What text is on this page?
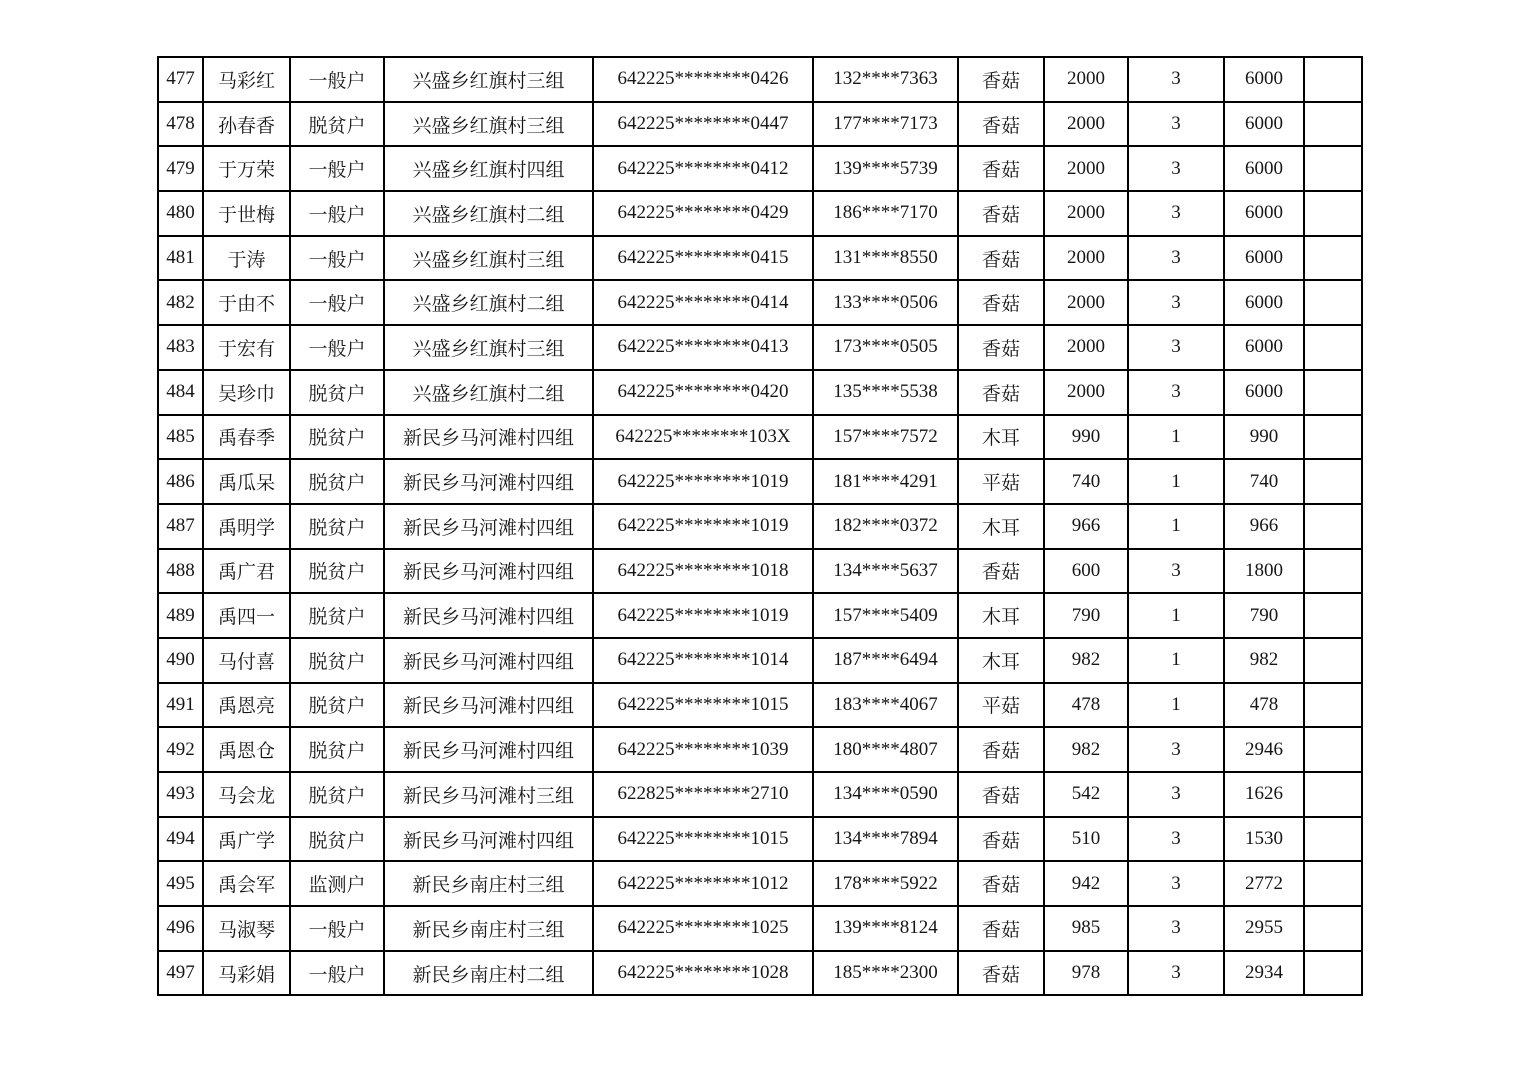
477	马彩红	一般户	兴盛乡红旗村三组	642225********0426	132****7363	香菇	2000	3	6000	
478	孙春香	脱贫户	兴盛乡红旗村三组	642225********0447	177****7173	香菇	2000	3	6000	
479	于万荣	一般户	兴盛乡红旗村四组	642225********0412	139****5739	香菇	2000	3	6000	
480	于世梅	一般户	兴盛乡红旗村二组	642225********0429	186****7170	香菇	2000	3	6000	
481	于涛	一般户	兴盛乡红旗村三组	642225********0415	131****8550	香菇	2000	3	6000	
482	于由不	一般户	兴盛乡红旗村二组	642225********0414	133****0506	香菇	2000	3	6000	
483	于宏有	一般户	兴盛乡红旗村三组	642225********0413	173****0505	香菇	2000	3	6000	
484	吴珍巾	脱贫户	兴盛乡红旗村二组	642225********0420	135****5538	香菇	2000	3	6000	
485	禹春季	脱贫户	新民乡马河滩村四组	642225********103X	157****7572	木耳	990	1	990	
486	禹瓜呆	脱贫户	新民乡马河滩村四组	642225********1019	181****4291	平菇	740	1	740	
487	禹明学	脱贫户	新民乡马河滩村四组	642225********1019	182****0372	木耳	966	1	966	
488	禹广君	脱贫户	新民乡马河滩村四组	642225********1018	134****5637	香菇	600	3	1800	
489	禹四一	脱贫户	新民乡马河滩村四组	642225********1019	157****5409	木耳	790	1	790	
490	马付喜	脱贫户	新民乡马河滩村四组	642225********1014	187****6494	木耳	982	1	982	
491	禹恩亮	脱贫户	新民乡马河滩村四组	642225********1015	183****4067	平菇	478	1	478	
492	禹恩仓	脱贫户	新民乡马河滩村四组	642225********1039	180****4807	香菇	982	3	2946	
493	马会龙	脱贫户	新民乡马河滩村三组	622825********2710	134****0590	香菇	542	3	1626	
494	禹广学	脱贫户	新民乡马河滩村四组	642225********1015	134****7894	香菇	510	3	1530	
495	禹会军	监测户	新民乡南庄村三组	642225********1012	178****5922	香菇	942	3	2772	
496	马淑琴	一般户	新民乡南庄村三组	642225********1025	139****8124	香菇	985	3	2955	
497	马彩娟	一般户	新民乡南庄村二组	642225********1028	185****2300	香菇	978	3	2934	
